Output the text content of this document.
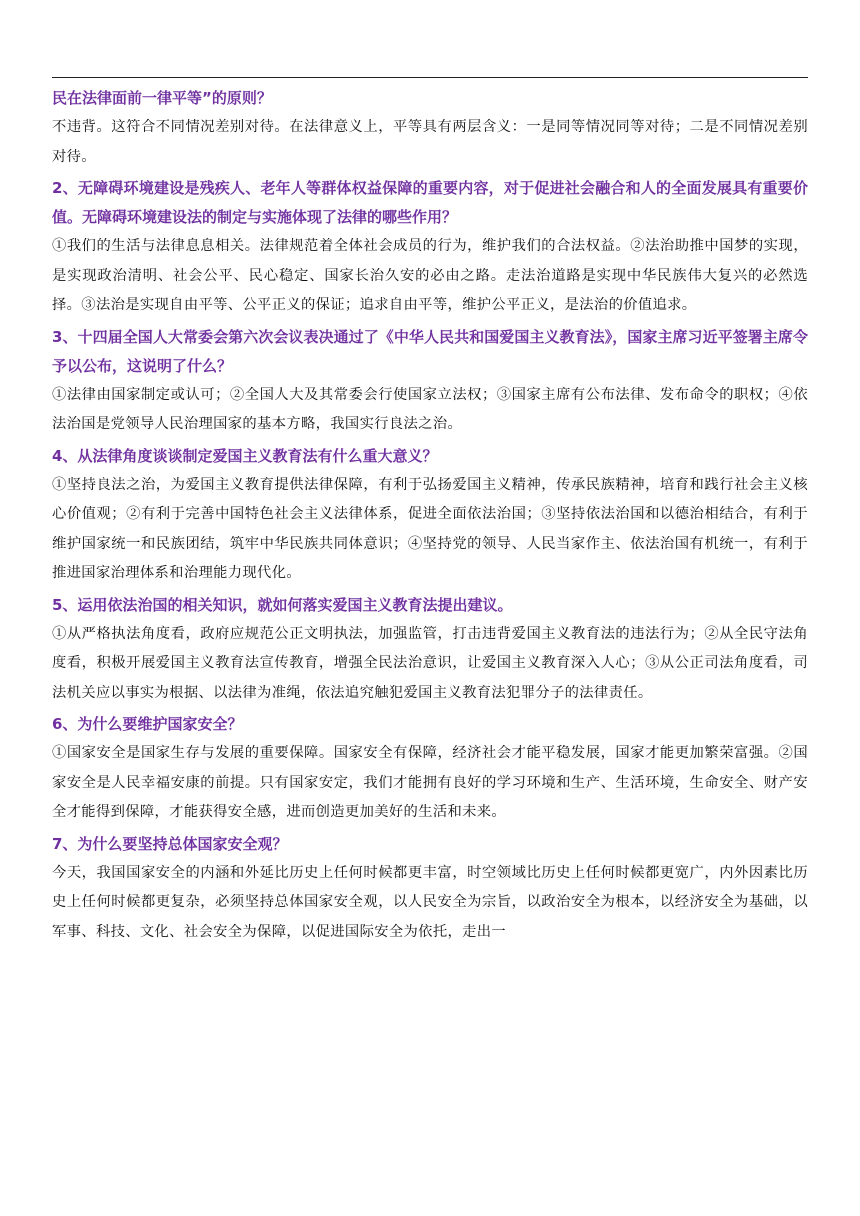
民在法律面前一律平等”的原则？

不违背。这符合不同情况差别对待。在法律意义上，平等具有两层含义：一是同等情况同等对待；二是不同情况差别对待。

2、无障碍环境建设是残疾人、老年人等群体权益保障的重要内容，对于促进社会融合和人的全面发展具有重要价值。无障碍环境建设法的制定与实施体现了法律的哪些作用？

①我们的生活与法律息息相关。法律规范着全体社会成员的行为，维护我们的合法权益。②法治助推中国梦的实现，是实现政治清明、社会公平、民心稳定、国家长治久安的必由之路。走法治道路是实现中华民族伟大复兴的必然选择。③法治是实现自由平等、公平正义的保证；追求自由平等，维护公平正义，是法治的价值追求。

3、十四届全国人大常委会第六次会议表决通过了《中华人民共和国爱国主义教育法》，国家主席习近平签署主席令予以公布，这说明了什么？

①法律由国家制定或认可；②全国人大及其常委会行使国家立法权；③国家主席有公布法律、发布命令的职权；④依法治国是党领导人民治理国家的基本方略，我国实行良法之治。

4、从法律角度谈谈制定爱国主义教育法有什么重大意义？

①坚持良法之治，为爱国主义教育提供法律保障，有利于弘扬爱国主义精神，传承民族精神，培育和践行社会主义核心价值观；②有利于完善中国特色社会主义法律体系，促进全面依法治国；③坚持依法治国和以德治相结合，有利于维护国家统一和民族团结，筑牢中华民族共同体意识；④坚持党的领导、人民当家作主、依法治国有机统一，有利于推进国家治理体系和治理能力现代化。

5、运用依法治国的相关知识，就如何落实爱国主义教育法提出建议。

①从严格执法角度看，政府应规范公正文明执法，加强监管，打击违背爱国主义教育法的违法行为；②从全民守法角度看，积极开展爱国主义教育法宣传教育，增强全民法治意识，让爱国主义教育深入人心；③从公正司法角度看，司法机关应以事实为根据、以法律为准绳，依法追究触犯爱国主义教育法犯罪分子的法律责任。

6、为什么要维护国家安全？

①国家安全是国家生存与发展的重要保障。国家安全有保障，经济社会才能平稳发展，国家才能更加繁荣富强。②国家安全是人民幸福安康的前提。只有国家安定，我们才能拥有良好的学习环境和生产、生活环境，生命安全、财产安全才能得到保障，才能获得安全感，进而创造更加美好的生活和未来。

7、为什么要坚持总体国家安全观？

今天，我国国家安全的内涵和外延比历史上任何时候都更丰富，时空领域比历史上任何时候都更宽广，内外因素比历史上任何时候都更复杂，必须坚持总体国家安全观，以人民安全为宗旨，以政治安全为根本，以经济安全为基础，以军事、科技、文化、社会安全为保障，以促进国际安全为依托，走出一
